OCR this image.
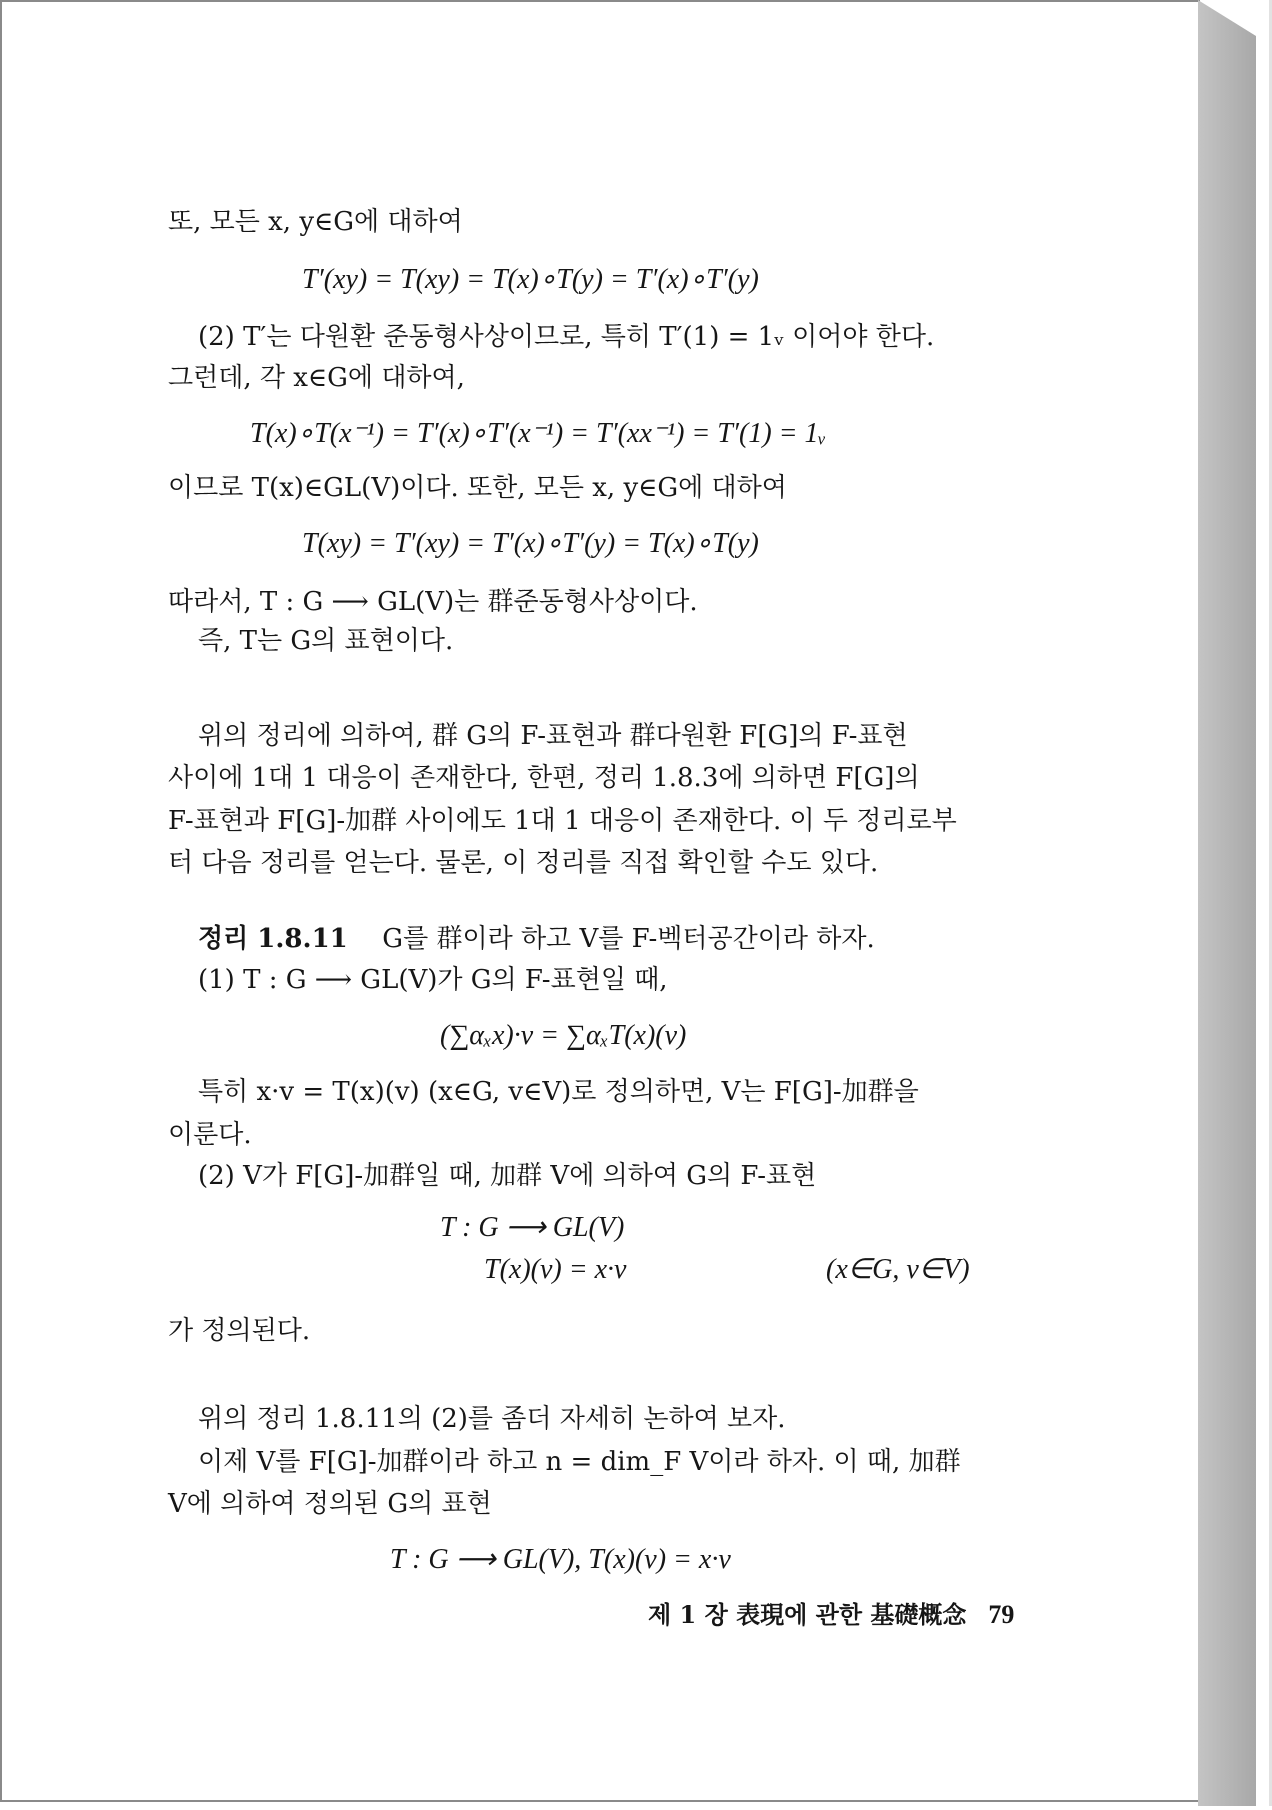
또, 모든 x, y∈G에 대하여
T′(xy) = T(xy) = T(x)∘T(y) = T′(x)∘T′(y)
(2) T′는 다원환 준동형사상이므로, 특히 T′(1) = 1ᵥ 이어야 한다.
그런데, 각 x∈G에 대하여,
T(x)∘T(x⁻¹) = T′(x)∘T′(x⁻¹) = T′(xx⁻¹) = T′(1) = 1ᵥ
이므로 T(x)∈GL(V)이다. 또한, 모든 x, y∈G에 대하여
T(xy) = T′(xy) = T′(x)∘T′(y) = T(x)∘T(y)
따라서, T : G ⟶ GL(V)는 群준동형사상이다.
즉, T는 G의 표현이다.
위의 정리에 의하여, 群 G의 F-표현과 群다원환 F[G]의 F-표현
사이에 1대 1 대응이 존재한다, 한편, 정리 1.8.3에 의하면 F[G]의
F-표현과 F[G]-加群 사이에도 1대 1 대응이 존재한다. 이 두 정리로부
터 다음 정리를 얻는다. 물론, 이 정리를 직접 확인할 수도 있다.
정리 1.8.11 G를 群이라 하고 V를 F-벡터공간이라 하자.
(1) T : G ⟶ GL(V)가 G의 F-표현일 때,
(∑αₓx)·v = ∑αₓT(x)(v)
특히 x·v = T(x)(v) (x∈G, v∈V)로 정의하면, V는 F[G]-加群을
이룬다.
(2) V가 F[G]-加群일 때, 加群 V에 의하여 G의 F-표현
T : G ⟶ GL(V)
T(x)(v) = x·v	(x∈G, v∈V)
가 정의된다.
위의 정리 1.8.11의 (2)를 좀더 자세히 논하여 보자.
이제 V를 F[G]-加群이라 하고 n = dim_F V이라 하자. 이 때, 加群
V에 의하여 정의된 G의 표현
T : G ⟶ GL(V), T(x)(v) = x·v
제 1 장 表現에 관한 基礎概念 79
